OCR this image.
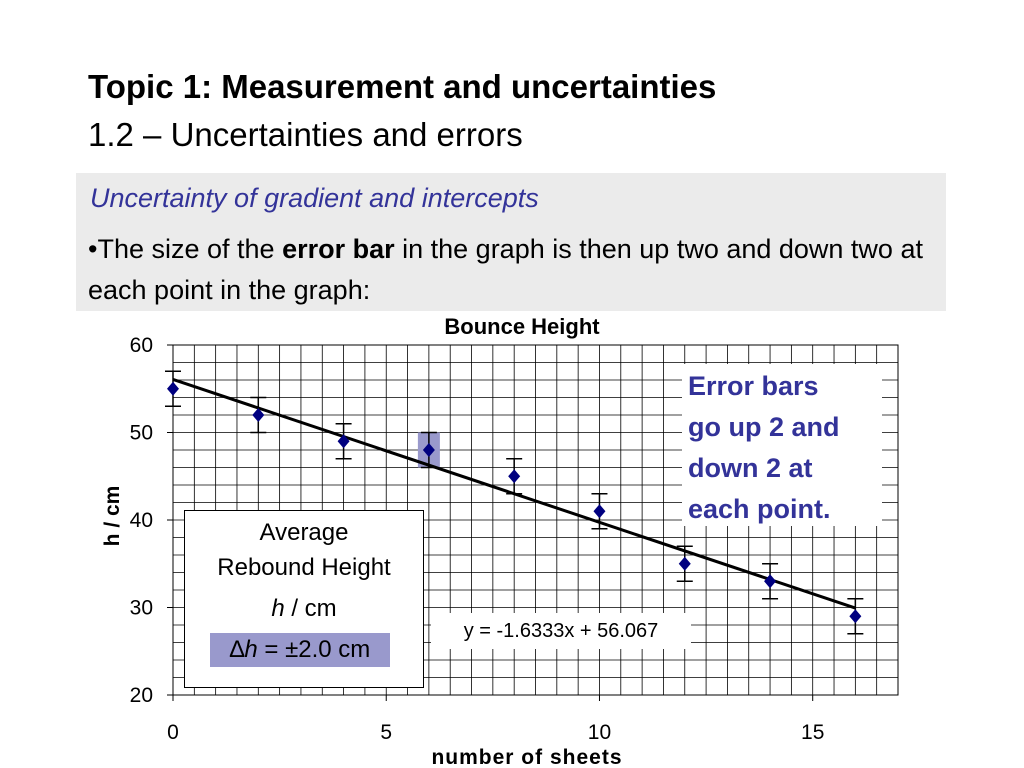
Topic 1: Measurement and uncertainties
1.2 – Uncertainties and errors
Uncertainty of gradient and intercepts
•The size of the error bar in the graph is then up two and down two at each point in the graph:
20
30
40
50
60
0	5	10	15
Bounce Height
number of sheets
h / cm
Error bars
go up 2 and
down 2 at
each point.
Average
Rebound Height
h / cm
∆h = ±2.0 cm
y = -1.6333x + 56.067
